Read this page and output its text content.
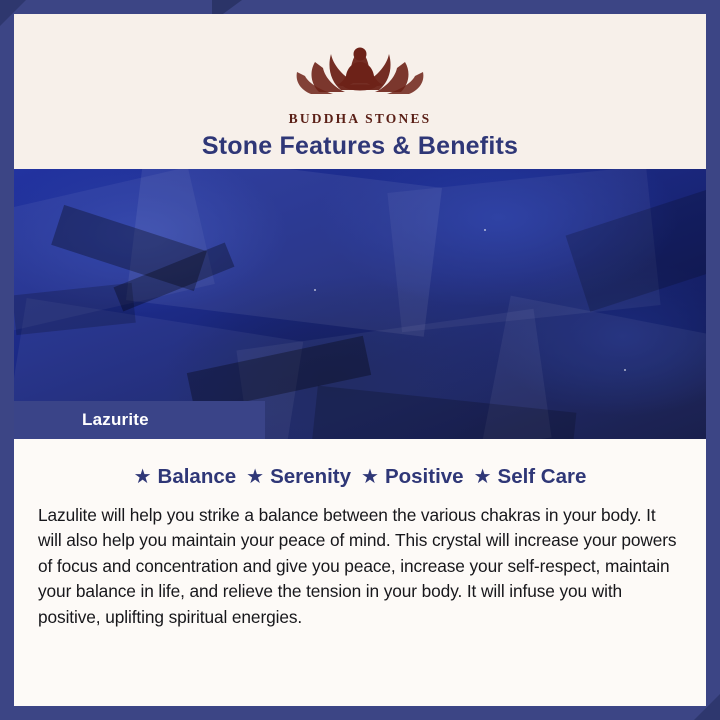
BUDDHA STONES
Stone Features & Benefits
Lazurite
★ Balance ★ Serenity ★ Positive ★ Self Care
Lazulite will help you strike a balance between the various chakras in your body. It will also help you maintain your peace of mind. This crystal will increase your powers of focus and concentration and give you peace, increase your self-respect, maintain your balance in life, and relieve the tension in your body. It will infuse you with positive, uplifting spiritual energies.
